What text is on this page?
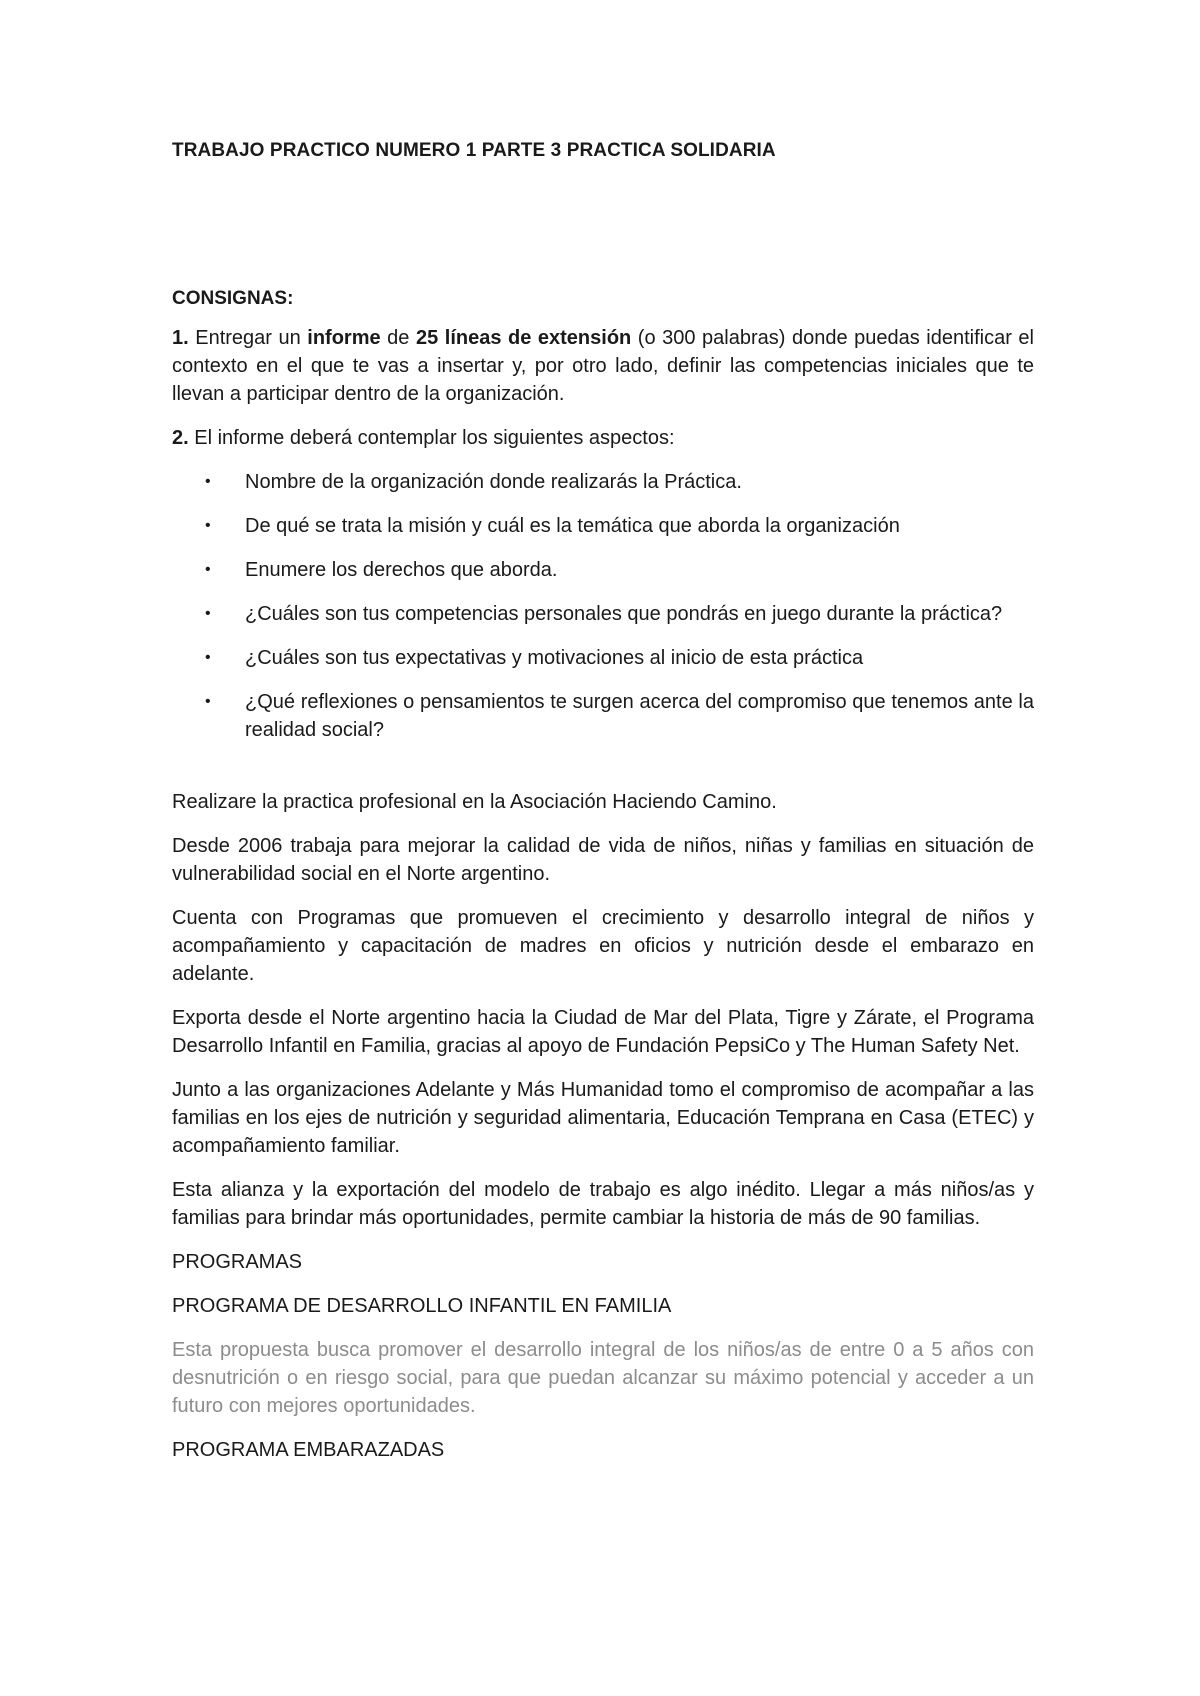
TRABAJO PRACTICO NUMERO 1 PARTE 3 PRACTICA SOLIDARIA
CONSIGNAS:

1. Entregar un informe de 25 líneas de extensión (o 300 palabras) donde puedas identificar el contexto en el que te vas a insertar y, por otro lado, definir las competencias iniciales que te llevan a participar dentro de la organización.

2. El informe deberá contemplar los siguientes aspectos:

• Nombre de la organización donde realizarás la Práctica.
• De qué se trata la misión y cuál es la temática que aborda la organización
• Enumere los derechos que aborda.
• ¿Cuáles son tus competencias personales que pondrás en juego durante la práctica?
• ¿Cuáles son tus expectativas y motivaciones al inicio de esta práctica
• ¿Qué reflexiones o pensamientos te surgen acerca del compromiso que tenemos ante la realidad social?

Realizare la practica profesional en la Asociación Haciendo Camino.

Desde 2006 trabaja para mejorar la calidad de vida de niños, niñas y familias en situación de vulnerabilidad social en el Norte argentino.

Cuenta con Programas que promueven el crecimiento y desarrollo integral de niños y acompañamiento y capacitación de madres en oficios y nutrición desde el embarazo en adelante.

Exporta desde el Norte argentino hacia la Ciudad de Mar del Plata, Tigre y Zárate, el Programa Desarrollo Infantil en Familia, gracias al apoyo de Fundación PepsiCo y The Human Safety Net.

Junto a las organizaciones Adelante y Más Humanidad tomo el compromiso de acompañar a las familias en los ejes de nutrición y seguridad alimentaria, Educación Temprana en Casa (ETEC) y acompañamiento familiar.

Esta alianza y la exportación del modelo de trabajo es algo inédito. Llegar a más niños/as y familias para brindar más oportunidades, permite cambiar la historia de más de 90 familias.

PROGRAMAS

PROGRAMA DE DESARROLLO INFANTIL EN FAMILIA

Esta propuesta busca promover el desarrollo integral de los niños/as de entre 0 a 5 años con desnutrición o en riesgo social, para que puedan alcanzar su máximo potencial y acceder a un futuro con mejores oportunidades.

PROGRAMA EMBARAZADAS
